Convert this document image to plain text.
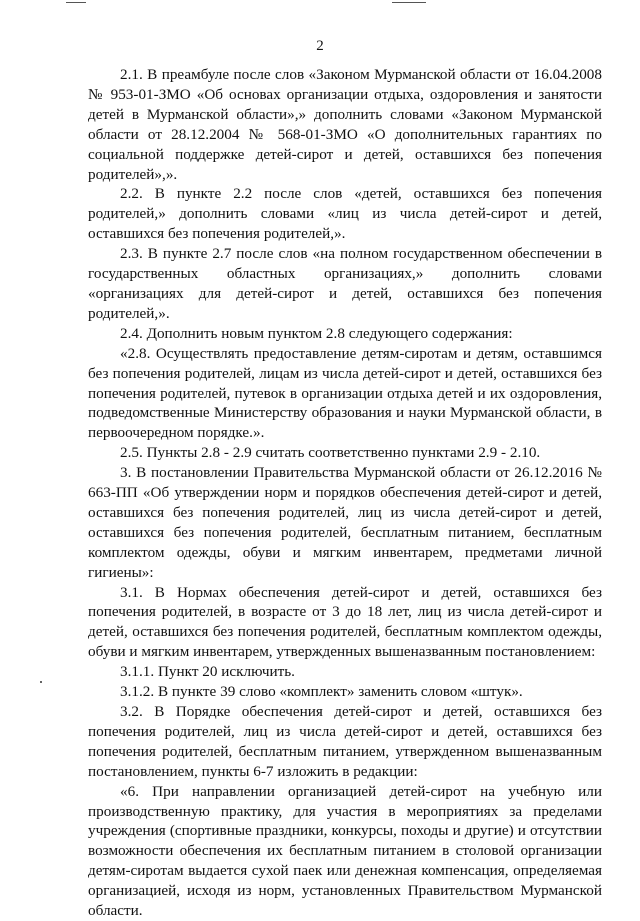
2

2.1. В преамбуле после слов «Законом Мурманской области от 16.04.2008 № 953-01-ЗМО «Об основах организации отдыха, оздоровления и занятости детей в Мурманской области»,» дополнить словами «Законом Мурманской области от 28.12.2004 № 568-01-ЗМО «О дополнительных гарантиях по социальной поддержке детей-сирот и детей, оставшихся без попечения родителей»,».

2.2. В пункте 2.2 после слов «детей, оставшихся без попечения родителей,» дополнить словами «лиц из числа детей-сирот и детей, оставшихся без попечения родителей,».

2.3. В пункте 2.7 после слов «на полном государственном обеспечении в государственных областных организациях,» дополнить словами «организациях для детей-сирот и детей, оставшихся без попечения родителей,».

2.4. Дополнить новым пунктом 2.8 следующего содержания:

«2.8. Осуществлять предоставление детям-сиротам и детям, оставшимся без попечения родителей, лицам из числа детей-сирот и детей, оставшихся без попечения родителей, путевок в организации отдыха детей и их оздоровления, подведомственные Министерству образования и науки Мурманской области, в первоочередном порядке.».

2.5. Пункты 2.8 - 2.9 считать соответственно пунктами 2.9 - 2.10.

3. В постановлении Правительства Мурманской области от 26.12.2016 № 663-ПП «Об утверждении норм и порядков обеспечения детей-сирот и детей, оставшихся без попечения родителей, лиц из числа детей-сирот и детей, оставшихся без попечения родителей, бесплатным питанием, бесплатным комплектом одежды, обуви и мягким инвентарем, предметами личной гигиены»:

3.1. В Нормах обеспечения детей-сирот и детей, оставшихся без попечения родителей, в возрасте от 3 до 18 лет, лиц из числа детей-сирот и детей, оставшихся без попечения родителей, бесплатным комплектом одежды, обуви и мягким инвентарем, утвержденных вышеназванным постановлением:

3.1.1. Пункт 20 исключить.

3.1.2. В пункте 39 слово «комплект» заменить словом «штук».

3.2. В Порядке обеспечения детей-сирот и детей, оставшихся без попечения родителей, лиц из числа детей-сирот и детей, оставшихся без попечения родителей, бесплатным питанием, утвержденном вышеназванным постановлением, пункты 6-7 изложить в редакции:

«6. При направлении организацией детей-сирот на учебную или производственную практику, для участия в мероприятиях за пределами учреждения (спортивные праздники, конкурсы, походы и другие) и отсутствии возможности обеспечения их бесплатным питанием в столовой организации детям-сиротам выдается сухой паек или денежная компенсация, определяемая организацией, исходя из норм, установленных Правительством Мурманской области.
